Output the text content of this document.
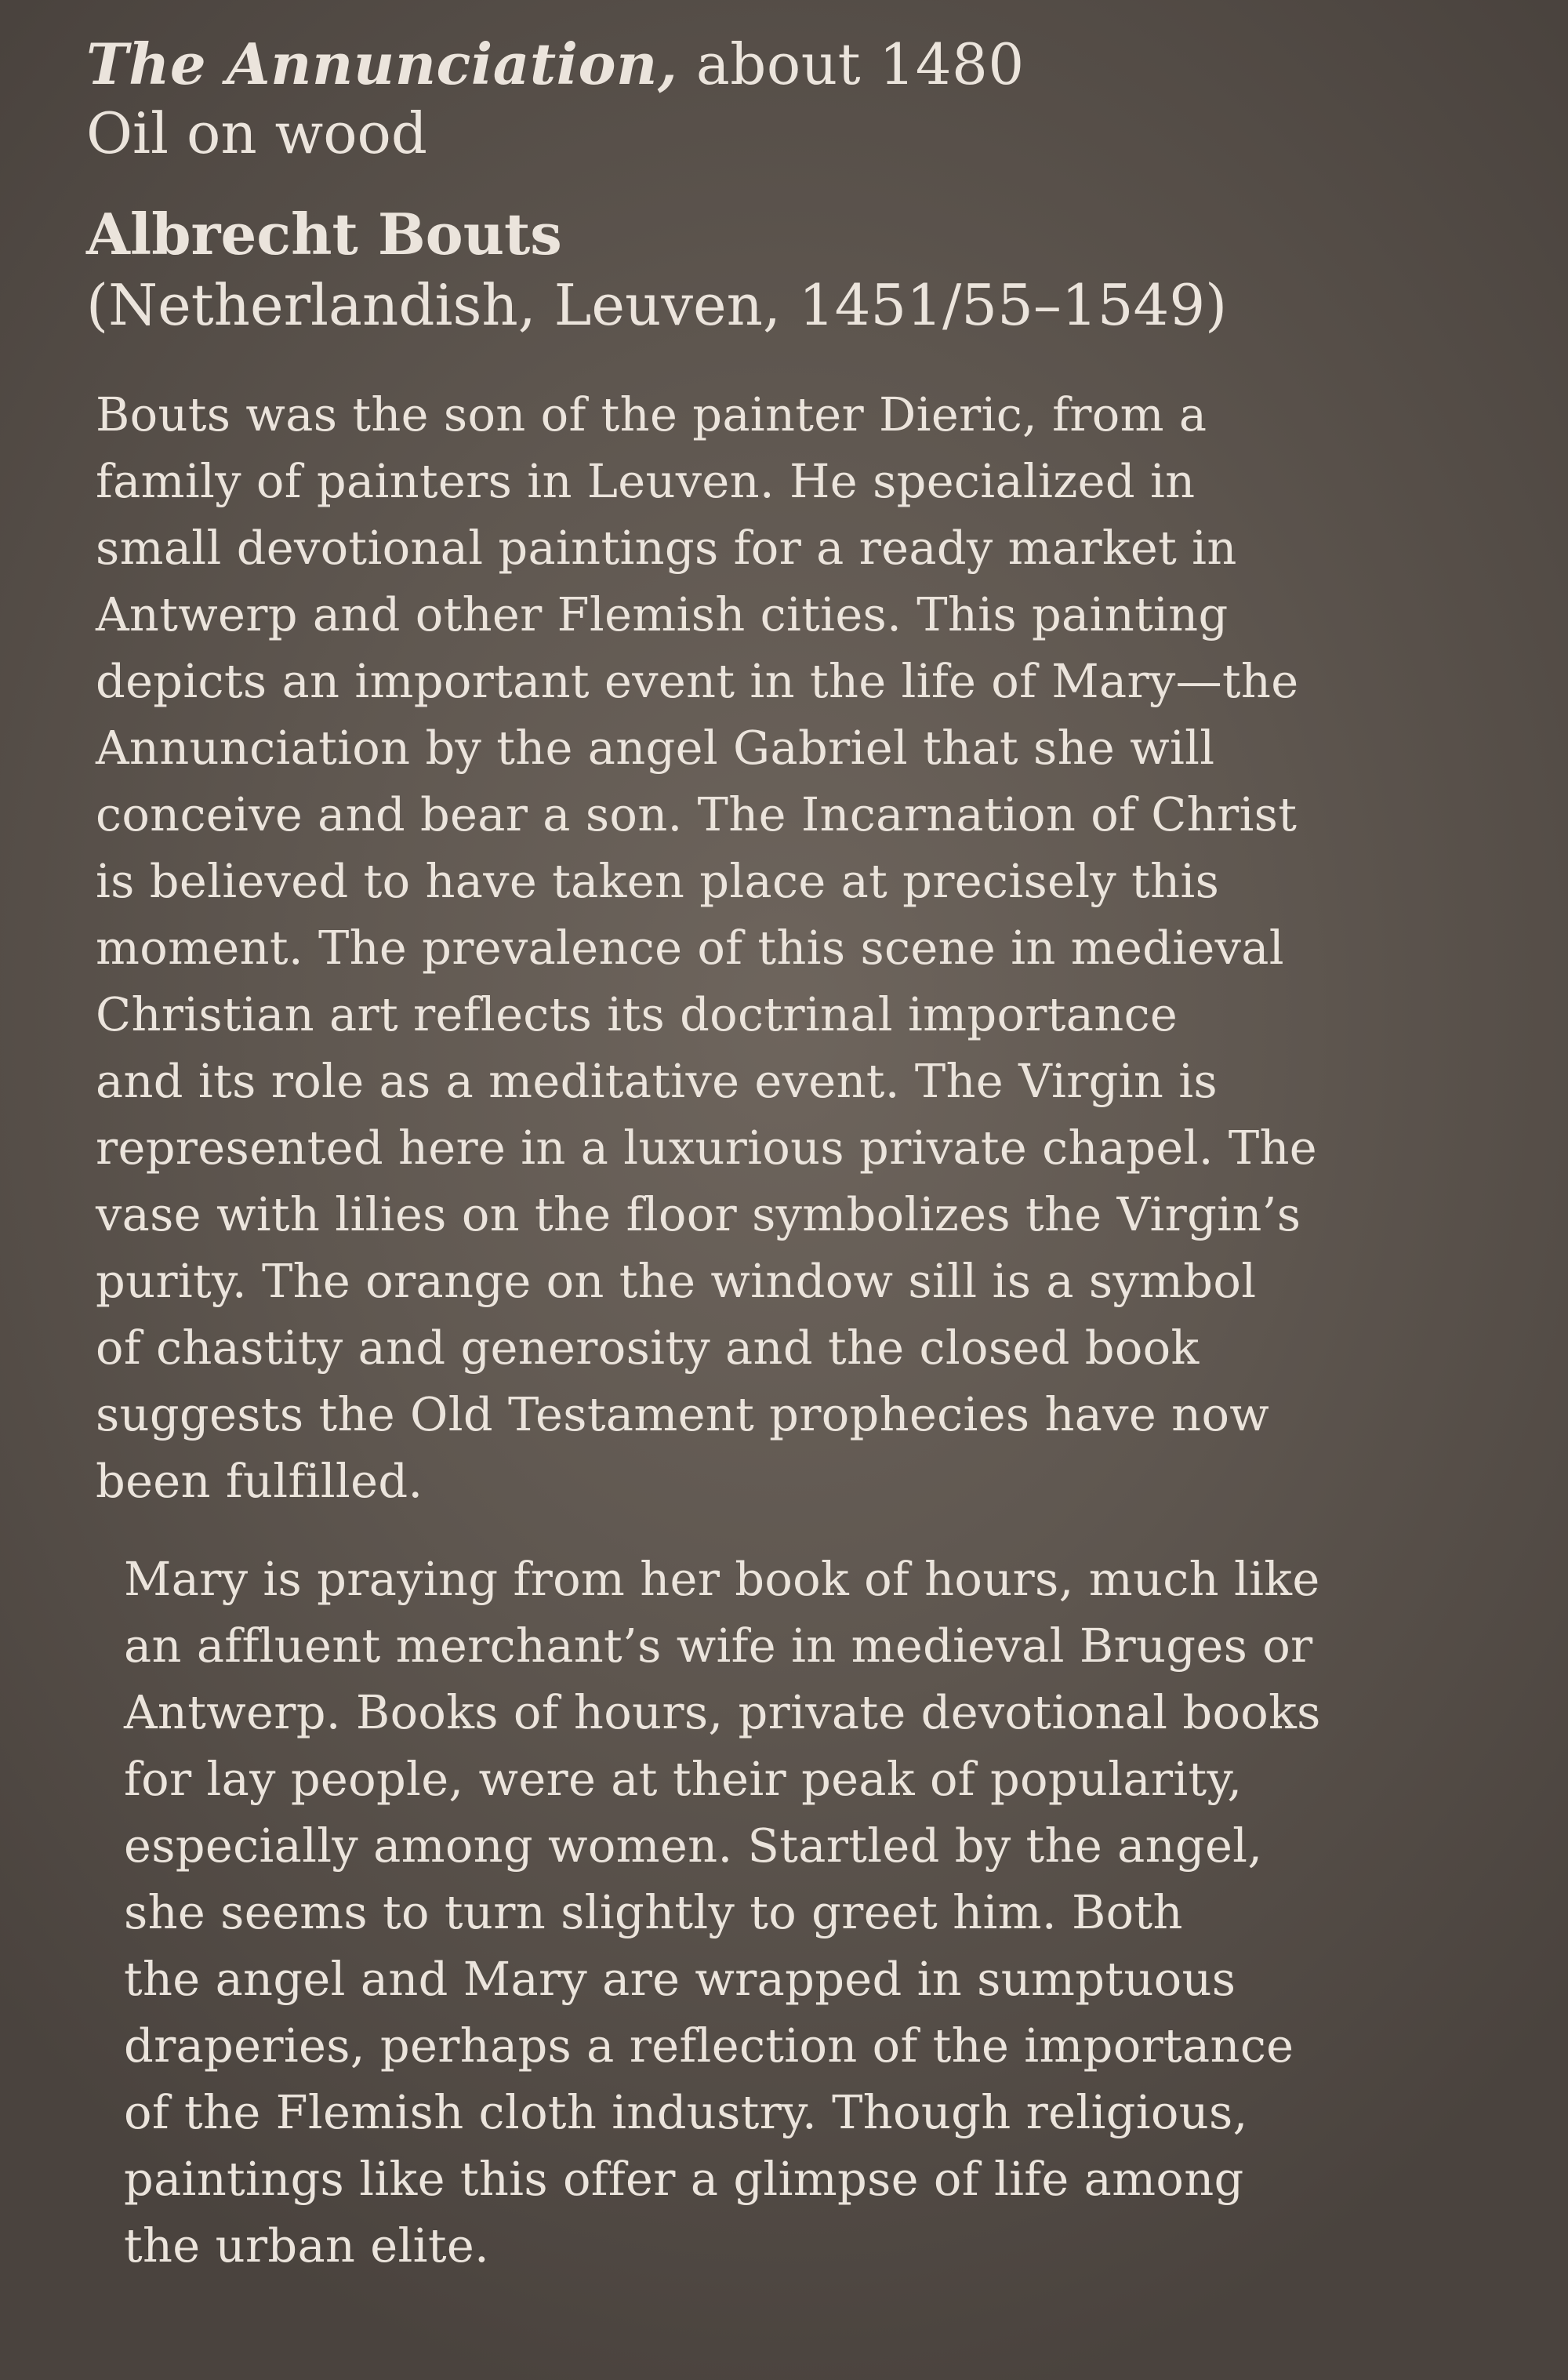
The Annunciation, about 1480

Oil on wood

Albrecht Bouts

(Netherlandish, Leuven, 1451/55–1549)

Bouts was the son of the painter Dieric, from a
family of painters in Leuven. He specialized in
small devotional paintings for a ready market in
Antwerp and other Flemish cities. This painting
depicts an important event in the life of Mary—the
Annunciation by the angel Gabriel that she will
conceive and bear a son. The Incarnation of Christ
is believed to have taken place at precisely this
moment. The prevalence of this scene in medieval
Christian art reflects its doctrinal importance
and its role as a meditative event. The Virgin is
represented here in a luxurious private chapel. The
vase with lilies on the floor symbolizes the Virgin’s
purity. The orange on the window sill is a symbol
of chastity and generosity and the closed book
suggests the Old Testament prophecies have now
been fulfilled.
Mary is praying from her book of hours, much like
an affluent merchant’s wife in medieval Bruges or
Antwerp. Books of hours, private devotional books
for lay people, were at their peak of popularity,
especially among women. Startled by the angel,
she seems to turn slightly to greet him. Both
the angel and Mary are wrapped in sumptuous
draperies, perhaps a reflection of the importance
of the Flemish cloth industry. Though religious,
paintings like this offer a glimpse of life among
the urban elite.
